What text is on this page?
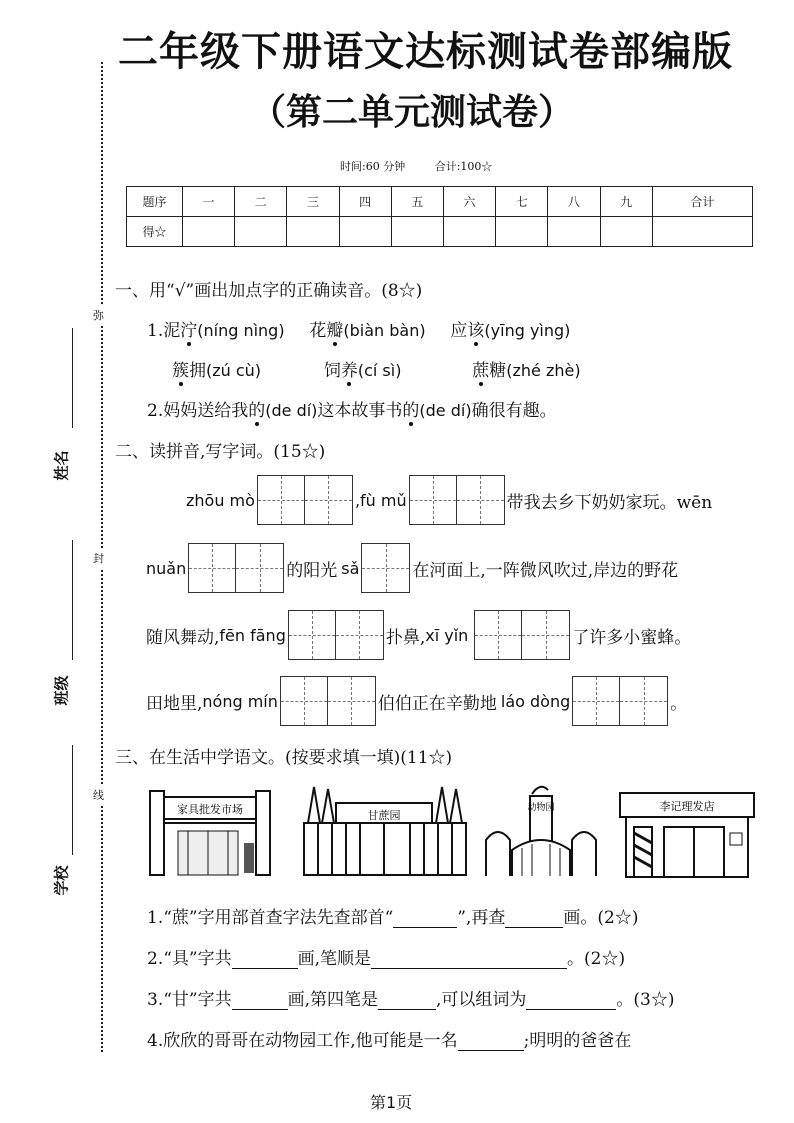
二年级下册语文达标测试卷部编版
（第二单元测试卷）
弥
封
线
姓名
班级
学校
时间:60 分钟	合计:100☆
题序	一	二	三	四	五	六	七	八	九	合计
得☆										
一、用“√”画出加点字的正确读音。(8☆)
1.泥泞(níng nìng) 花瓣(biàn bàn) 应该(yīng yìng)
簇拥(zú cù)	饲养(cí sì)	蔗糖(zhé zhè)
2.妈妈送给我的(de dí)这本故事书的(de dí)确很有趣。
二、读拼音,写字词。(15☆)
zhōu mò	,fù mǔ	带我去乡下奶奶家玩。wēn
nuǎn	的阳光 sǎ	在河面上,一阵微风吹过,岸边的野花
随风舞动, fēn fāng	扑鼻, xī yǐn	了许多小蜜蜂。
田地里, nóng mín	伯伯正在辛勤地 láo dòng	。
三、在生活中学语文。(按要求填一填)(11☆)
家具批发市场	甘蔗园
动物园	李记理发店
1.“蔗”字用部首查字法先查部首“	”,再查	画。(2☆)
2.“具”字共	画,笔顺是	。(2☆)
3.“甘”字共	画,第四笔是	,可以组词为	。(3☆)
4.欣欣的哥哥在动物园工作,他可能是一名	;明明的爸爸在
第1页
